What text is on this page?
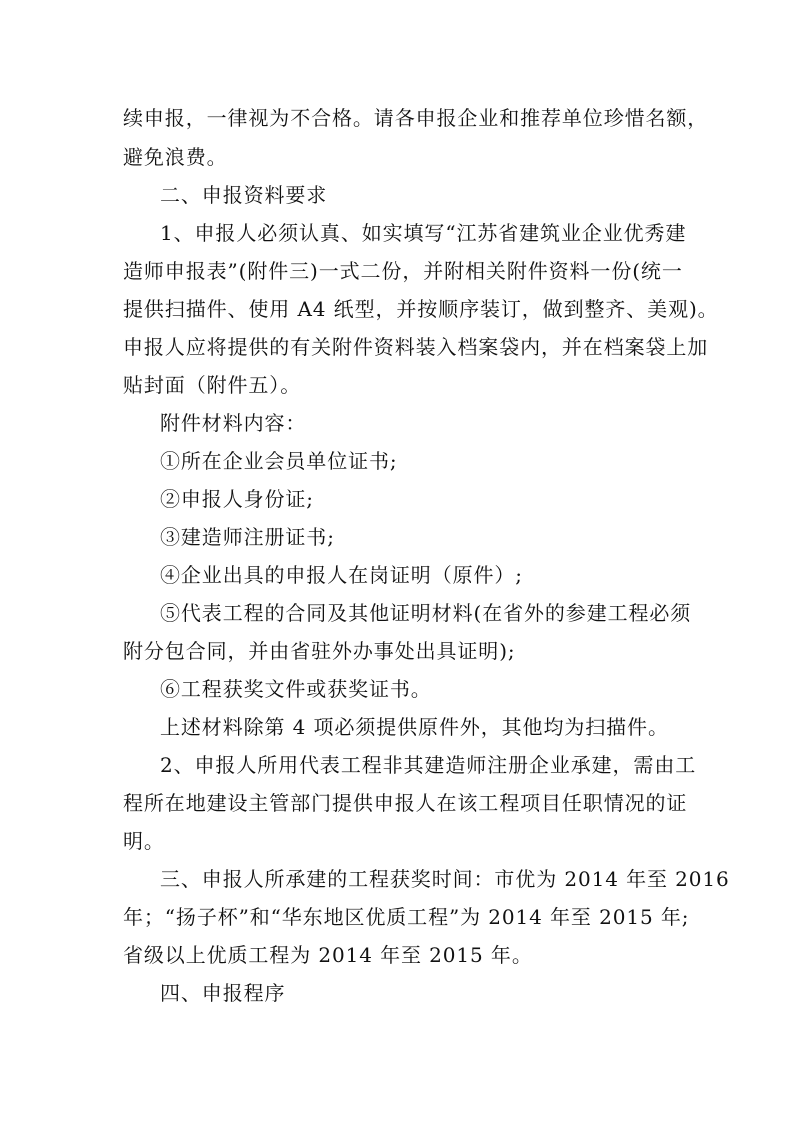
续申报，一律视为不合格。请各申报企业和推荐单位珍惜名额，
避免浪费。
二、申报资料要求
1、申报人必须认真、如实填写“江苏省建筑业企业优秀建
造师申报表”(附件三)一式二份，并附相关附件资料一份(统一
提供扫描件、使用 A4 纸型，并按顺序装订，做到整齐、美观)。
申报人应将提供的有关附件资料装入档案袋内，并在档案袋上加
贴封面（附件五）。
附件材料内容：
①所在企业会员单位证书;
②申报人身份证;
③建造师注册证书;
④企业出具的申报人在岗证明（原件）;
⑤代表工程的合同及其他证明材料(在省外的参建工程必须
附分包合同，并由省驻外办事处出具证明);
⑥工程获奖文件或获奖证书。
上述材料除第 4 项必须提供原件外，其他均为扫描件。
2、申报人所用代表工程非其建造师注册企业承建，需由工
程所在地建设主管部门提供申报人在该工程项目任职情况的证
明。
三、申报人所承建的工程获奖时间：市优为 2014 年至 2016
年；“扬子杯”和“华东地区优质工程”为 2014 年至 2015 年;
省级以上优质工程为 2014 年至 2015 年。
四、申报程序
